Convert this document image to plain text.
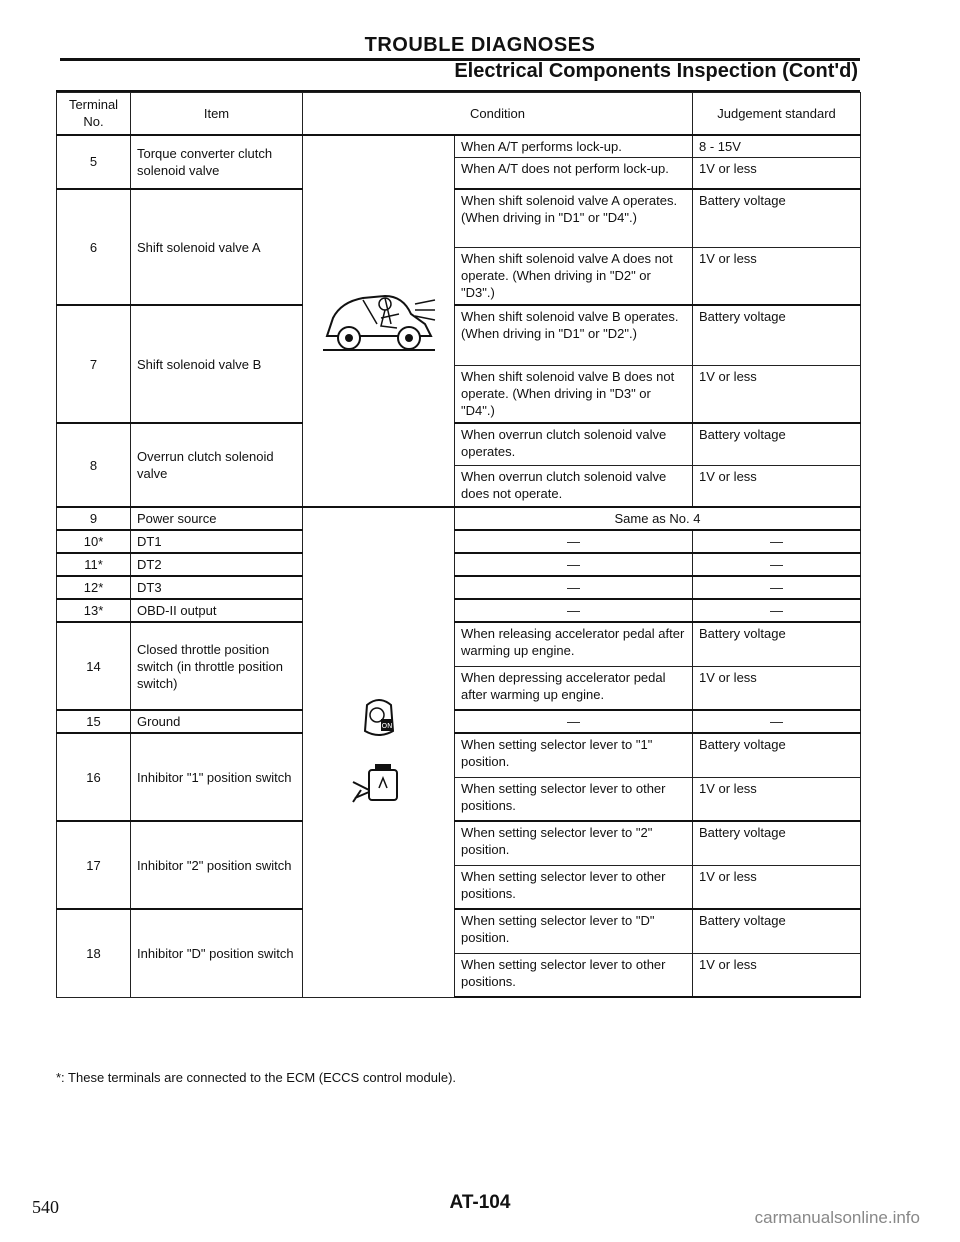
TROUBLE DIAGNOSES
Electrical Components Inspection (Cont'd)
Terminal No.	Item	Condition		Judgement standard
5	Torque converter clutch solenoid valve		When A/T performs lock-up.	8 - 15V
			When A/T does not perform lock-up.	1V or less
6	Shift solenoid valve A		When shift solenoid valve A operates. (When driving in "D1" or "D4".)	Battery voltage
			When shift solenoid valve A does not operate. (When driving in "D2" or "D3".)	1V or less
7	Shift solenoid valve B		When shift solenoid valve B operates. (When driving in "D1" or "D2".)	Battery voltage
			When shift solenoid valve B does not operate. (When driving in "D3" or "D4".)	1V or less
8	Overrun clutch solenoid valve		When overrun clutch solenoid valve operates.	Battery voltage
			When overrun clutch solenoid valve does not operate.	1V or less
9	Power source	ON	Same as No. 4	
10*	DT1		—	—
11*	DT2		—	—
12*	DT3		—	—
13*	OBD-II output		—	—
14	Closed throttle position switch (in throttle position switch)		When releasing accelerator pedal after warming up engine.	Battery voltage
			When depressing accelerator pedal after warming up engine.	1V or less
15	Ground		—	—
16	Inhibitor "1" position switch		When setting selector lever to "1" position.	Battery voltage
			When setting selector lever to other positions.	1V or less
17	Inhibitor "2" position switch		When setting selector lever to "2" position.	Battery voltage
			When setting selector lever to other positions.	1V or less
18	Inhibitor "D" position switch		When setting selector lever to "D" position.	Battery voltage
			When setting selector lever to other positions.	1V or less
*: These terminals are connected to the ECM (ECCS control module).
540	AT-104
carmanualsonline.info
